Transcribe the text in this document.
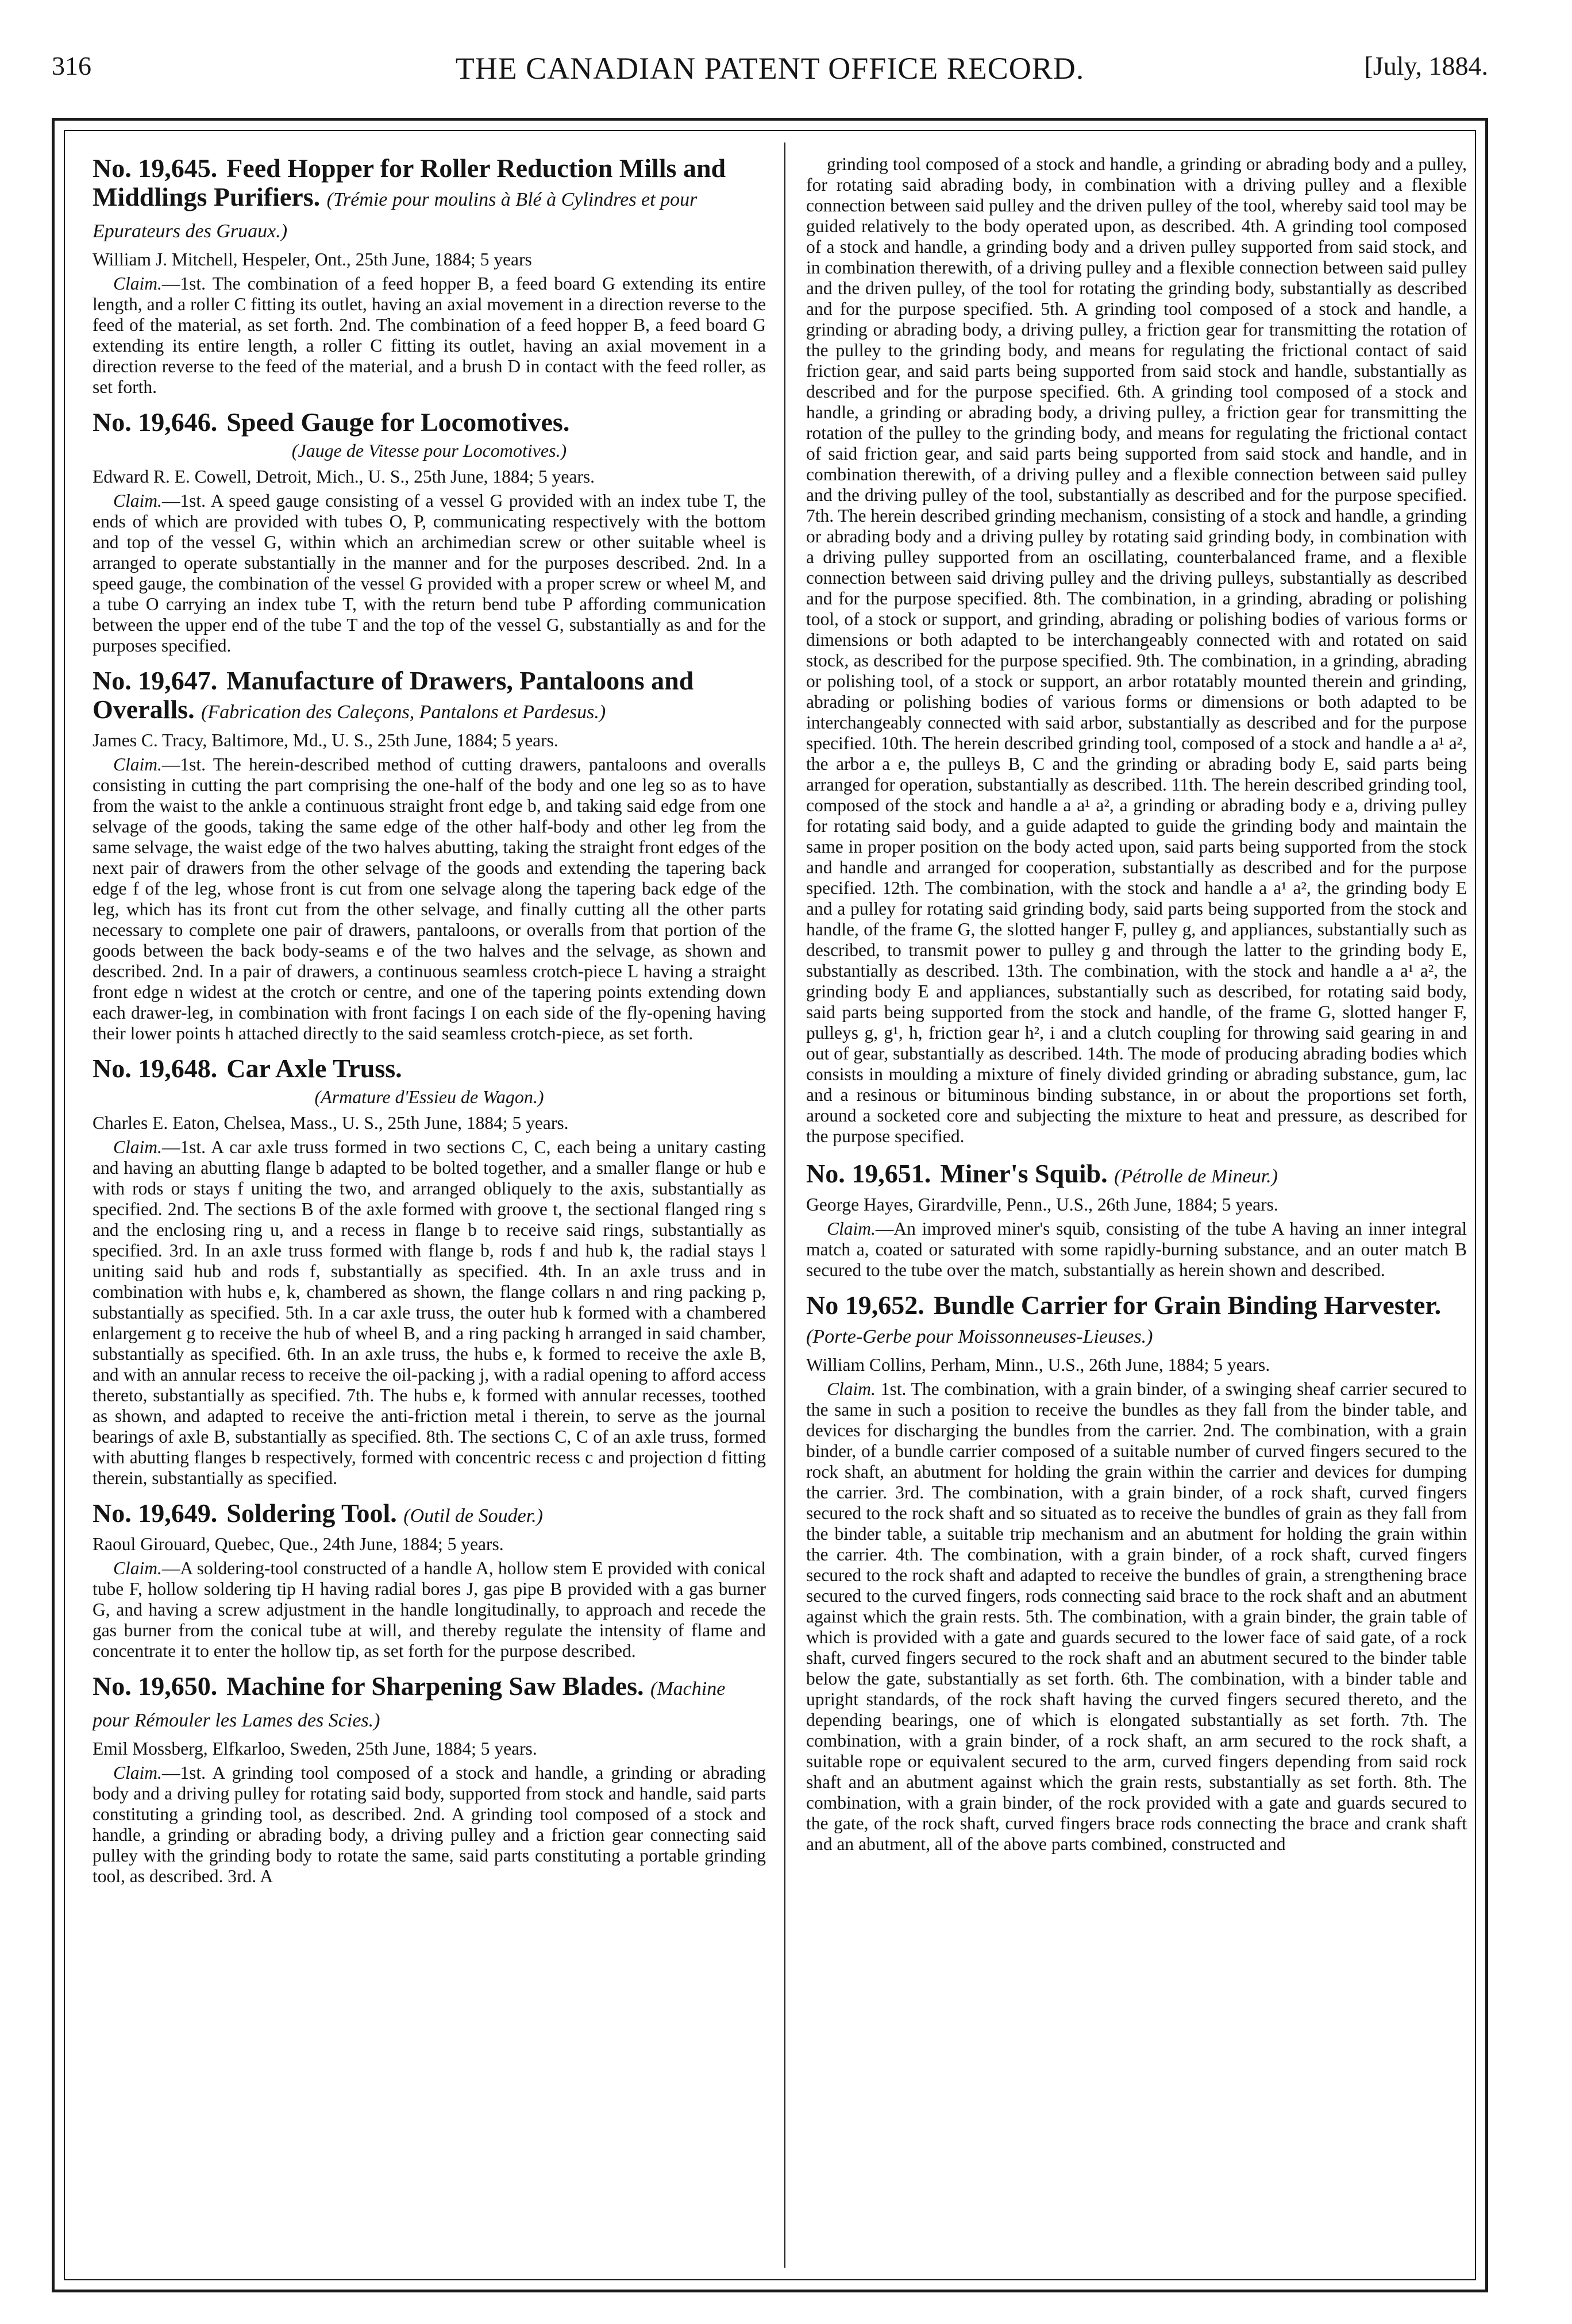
316	THE CANADIAN PATENT OFFICE RECORD.	[July, 1884.
No. 19,645. Feed Hopper for Roller Reduction Mills and Middlings Purifiers. (Trémie pour moulins à Blé à Cylindres et pour Epurateurs des Gruaux.)

William J. Mitchell, Hespeler, Ont., 25th June, 1884; 5 years

Claim.—1st. The combination of a feed hopper B, a feed board G extending its entire length, and a roller C fitting its outlet, having an axial movement in a direction reverse to the feed of the material, as set forth. 2nd. The combination of a feed hopper B, a feed board G extending its entire length, a roller C fitting its outlet, having an axial movement in a direction reverse to the feed of the material, and a brush D in contact with the feed roller, as set forth.

No. 19,646. Speed Gauge for Locomotives.

(Jauge de Vitesse pour Locomotives.)

Edward R. E. Cowell, Detroit, Mich., U. S., 25th June, 1884; 5 years.

Claim.—1st. A speed gauge consisting of a vessel G provided with an index tube T, the ends of which are provided with tubes O, P, communicating respectively with the bottom and top of the vessel G, within which an archimedian screw or other suitable wheel is arranged to operate substantially in the manner and for the purposes described. 2nd. In a speed gauge, the combination of the vessel G provided with a proper screw or wheel M, and a tube O carrying an index tube T, with the return bend tube P affording communication between the upper end of the tube T and the top of the vessel G, substantially as and for the purposes specified.

No. 19,647. Manufacture of Drawers, Pantaloons and Overalls. (Fabrication des Caleçons, Pantalons et Pardesus.)

James C. Tracy, Baltimore, Md., U. S., 25th June, 1884; 5 years.

Claim.—1st. The herein-described method of cutting drawers, pantaloons and overalls consisting in cutting the part comprising the one-half of the body and one leg so as to have from the waist to the ankle a continuous straight front edge b, and taking said edge from one selvage of the goods, taking the same edge of the other half-body and other leg from the same selvage, the waist edge of the two halves abutting, taking the straight front edges of the next pair of drawers from the other selvage of the goods and extending the tapering back edge f of the leg, whose front is cut from one selvage along the tapering back edge of the leg, which has its front cut from the other selvage, and finally cutting all the other parts necessary to complete one pair of drawers, pantaloons, or overalls from that portion of the goods between the back body-seams e of the two halves and the selvage, as shown and described. 2nd. In a pair of drawers, a continuous seamless crotch-piece L having a straight front edge n widest at the crotch or centre, and one of the tapering points extending down each drawer-leg, in combination with front facings I on each side of the fly-opening having their lower points h attached directly to the said seamless crotch-piece, as set forth.

No. 19,648. Car Axle Truss.

(Armature d'Essieu de Wagon.)

Charles E. Eaton, Chelsea, Mass., U. S., 25th June, 1884; 5 years.

Claim.—1st. A car axle truss formed in two sections C, C, each being a unitary casting and having an abutting flange b adapted to be bolted together, and a smaller flange or hub e with rods or stays f uniting the two, and arranged obliquely to the axis, substantially as specified. 2nd. The sections B of the axle formed with groove t, the sectional flanged ring s and the enclosing ring u, and a recess in flange b to receive said rings, substantially as specified. 3rd. In an axle truss formed with flange b, rods f and hub k, the radial stays l uniting said hub and rods f, substantially as specified. 4th. In an axle truss and in combination with hubs e, k, chambered as shown, the flange collars n and ring packing p, substantially as specified. 5th. In a car axle truss, the outer hub k formed with a chambered enlargement g to receive the hub of wheel B, and a ring packing h arranged in said chamber, substantially as specified. 6th. In an axle truss, the hubs e, k formed to receive the axle B, and with an annular recess to receive the oil-packing j, with a radial opening to afford access thereto, substantially as specified. 7th. The hubs e, k formed with annular recesses, toothed as shown, and adapted to receive the anti-friction metal i therein, to serve as the journal bearings of axle B, substantially as specified. 8th. The sections C, C of an axle truss, formed with abutting flanges b respectively, formed with concentric recess c and projection d fitting therein, substantially as specified.

No. 19,649. Soldering Tool. (Outil de Souder.)

Raoul Girouard, Quebec, Que., 24th June, 1884; 5 years.

Claim.—A soldering-tool constructed of a handle A, hollow stem E provided with conical tube F, hollow soldering tip H having radial bores J, gas pipe B provided with a gas burner G, and having a screw adjustment in the handle longitudinally, to approach and recede the gas burner from the conical tube at will, and thereby regulate the intensity of flame and concentrate it to enter the hollow tip, as set forth for the purpose described.

No. 19,650. Machine for Sharpening Saw Blades. (Machine pour Rémouler les Lames des Scies.)

Emil Mossberg, Elfkarloo, Sweden, 25th June, 1884; 5 years.

Claim.—1st. A grinding tool composed of a stock and handle, a grinding or abrading body and a driving pulley for rotating said body, supported from stock and handle, said parts constituting a grinding tool, as described. 2nd. A grinding tool composed of a stock and handle, a grinding or abrading body, a driving pulley and a friction gear connecting said pulley with the grinding body to rotate the same, said parts constituting a portable grinding tool, as described. 3rd. A

grinding tool composed of a stock and handle, a grinding or abrading body and a pulley, for rotating said abrading body, in combination with a driving pulley and a flexible connection between said pulley and the driven pulley of the tool, whereby said tool may be guided relatively to the body operated upon, as described. 4th. A grinding tool composed of a stock and handle, a grinding body and a driven pulley supported from said stock, and in combination therewith, of a driving pulley and a flexible connection between said pulley and the driven pulley, of the tool for rotating the grinding body, substantially as described and for the purpose specified. 5th. A grinding tool composed of a stock and handle, a grinding or abrading body, a driving pulley, a friction gear for transmitting the rotation of the pulley to the grinding body, and means for regulating the frictional contact of said friction gear, and said parts being supported from said stock and handle, substantially as described and for the purpose specified. 6th. A grinding tool composed of a stock and handle, a grinding or abrading body, a driving pulley, a friction gear for transmitting the rotation of the pulley to the grinding body, and means for regulating the frictional contact of said friction gear, and said parts being supported from said stock and handle, and in combination therewith, of a driving pulley and a flexible connection between said pulley and the driving pulley of the tool, substantially as described and for the purpose specified. 7th. The herein described grinding mechanism, consisting of a stock and handle, a grinding or abrading body and a driving pulley by rotating said grinding body, in combination with a driving pulley supported from an oscillating, counterbalanced frame, and a flexible connection between said driving pulley and the driving pulleys, substantially as described and for the purpose specified. 8th. The combination, in a grinding, abrading or polishing tool, of a stock or support, and grinding, abrading or polishing bodies of various forms or dimensions or both adapted to be interchangeably connected with and rotated on said stock, as described for the purpose specified. 9th. The combination, in a grinding, abrading or polishing tool, of a stock or support, an arbor rotatably mounted therein and grinding, abrading or polishing bodies of various forms or dimensions or both adapted to be interchangeably connected with said arbor, substantially as described and for the purpose specified. 10th. The herein described grinding tool, composed of a stock and handle a a¹ a², the arbor a e, the pulleys B, C and the grinding or abrading body E, said parts being arranged for operation, substantially as described. 11th. The herein described grinding tool, composed of the stock and handle a a¹ a², a grinding or abrading body e a, driving pulley for rotating said body, and a guide adapted to guide the grinding body and maintain the same in proper position on the body acted upon, said parts being supported from the stock and handle and arranged for cooperation, substantially as described and for the purpose specified. 12th. The combination, with the stock and handle a a¹ a², the grinding body E and a pulley for rotating said grinding body, said parts being supported from the stock and handle, of the frame G, the slotted hanger F, pulley g, and appliances, substantially such as described, to transmit power to pulley g and through the latter to the grinding body E, substantially as described. 13th. The combination, with the stock and handle a a¹ a², the grinding body E and appliances, substantially such as described, for rotating said body, said parts being supported from the stock and handle, of the frame G, slotted hanger F, pulleys g, g¹, h, friction gear h², i and a clutch coupling for throwing said gearing in and out of gear, substantially as described. 14th. The mode of producing abrading bodies which consists in moulding a mixture of finely divided grinding or abrading substance, gum, lac and a resinous or bituminous binding substance, in or about the proportions set forth, around a socketed core and subjecting the mixture to heat and pressure, as described for the purpose specified.

No. 19,651. Miner's Squib. (Pétrolle de Mineur.)

George Hayes, Girardville, Penn., U.S., 26th June, 1884; 5 years.

Claim.—An improved miner's squib, consisting of the tube A having an inner integral match a, coated or saturated with some rapidly-burning substance, and an outer match B secured to the tube over the match, substantially as herein shown and described.

No 19,652. Bundle Carrier for Grain Binding Harvester. (Porte-Gerbe pour Moissonneuses-Lieuses.)

William Collins, Perham, Minn., U.S., 26th June, 1884; 5 years.

Claim. 1st. The combination, with a grain binder, of a swinging sheaf carrier secured to the same in such a position to receive the bundles as they fall from the binder table, and devices for discharging the bundles from the carrier. 2nd. The combination, with a grain binder, of a bundle carrier composed of a suitable number of curved fingers secured to the rock shaft, an abutment for holding the grain within the carrier and devices for dumping the carrier. 3rd. The combination, with a grain binder, of a rock shaft, curved fingers secured to the rock shaft and so situated as to receive the bundles of grain as they fall from the binder table, a suitable trip mechanism and an abutment for holding the grain within the carrier. 4th. The combination, with a grain binder, of a rock shaft, curved fingers secured to the rock shaft and adapted to receive the bundles of grain, a strengthening brace secured to the curved fingers, rods connecting said brace to the rock shaft and an abutment against which the grain rests. 5th. The combination, with a grain binder, the grain table of which is provided with a gate and guards secured to the lower face of said gate, of a rock shaft, curved fingers secured to the rock shaft and an abutment secured to the binder table below the gate, substantially as set forth. 6th. The combination, with a binder table and upright standards, of the rock shaft having the curved fingers secured thereto, and the depending bearings, one of which is elongated substantially as set forth. 7th. The combination, with a grain binder, of a rock shaft, an arm secured to the rock shaft, a suitable rope or equivalent secured to the arm, curved fingers depending from said rock shaft and an abutment against which the grain rests, substantially as set forth. 8th. The combination, with a grain binder, of the rock provided with a gate and guards secured to the gate, of the rock shaft, curved fingers brace rods connecting the brace and crank shaft and an abutment, all of the above parts combined, constructed and
